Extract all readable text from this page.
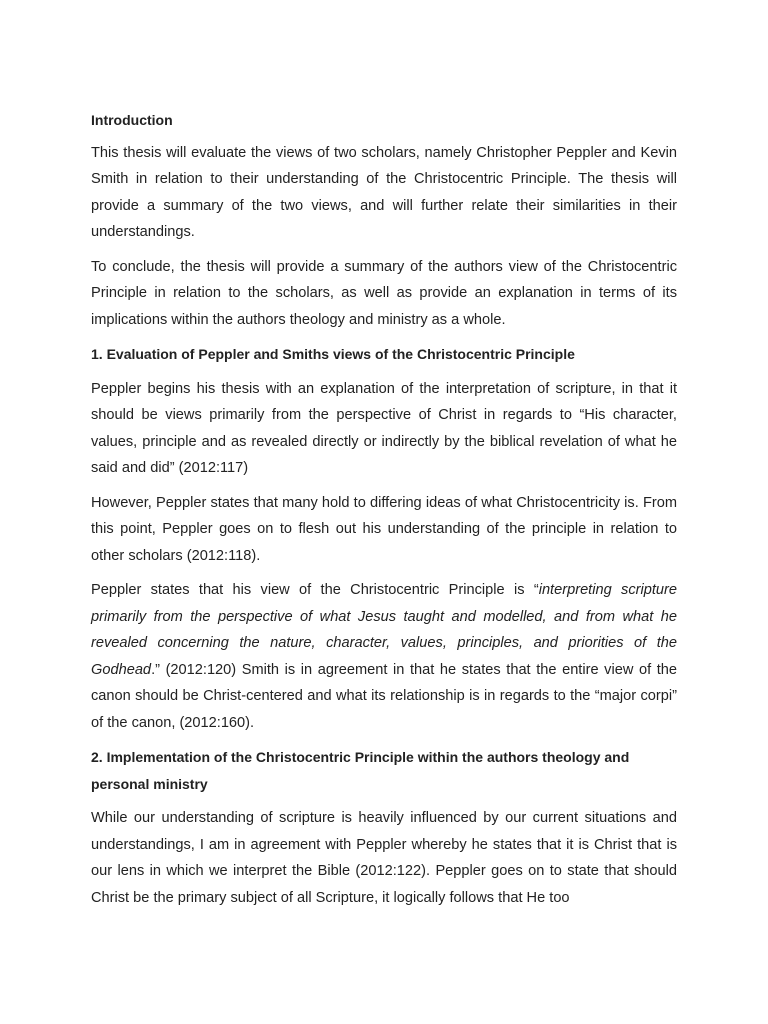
Introduction

This thesis will evaluate the views of two scholars, namely Christopher Peppler and Kevin Smith in relation to their understanding of the Christocentric Principle. The thesis will provide a summary of the two views, and will further relate their similarities in their understandings.

To conclude, the thesis will provide a summary of the authors view of the Christocentric Principle in relation to the scholars, as well as provide an explanation in terms of its implications within the authors theology and ministry as a whole.

1. Evaluation of Peppler and Smiths views of the Christocentric Principle

Peppler begins his thesis with an explanation of the interpretation of scripture, in that it should be views primarily from the perspective of Christ in regards to “His character, values, principle and as revealed directly or indirectly by the biblical revelation of what he said and did” (2012:117)

However, Peppler states that many hold to differing ideas of what Christocentricity is. From this point, Peppler goes on to flesh out his understanding of the principle in relation to other scholars (2012:118).

Peppler states that his view of the Christocentric Principle is “interpreting scripture primarily from the perspective of what Jesus taught and modelled, and from what he revealed concerning the nature, character, values, principles, and priorities of the Godhead.” (2012:120) Smith is in agreement in that he states that the entire view of the canon should be Christ-centered and what its relationship is in regards to the “major corpi” of the canon, (2012:160).

2. Implementation of the Christocentric Principle within the authors theology and personal ministry

While our understanding of scripture is heavily influenced by our current situations and understandings, I am in agreement with Peppler whereby he states that it is Christ that is our lens in which we interpret the Bible (2012:122). Peppler goes on to state that should Christ be the primary subject of all Scripture, it logically follows that He too
